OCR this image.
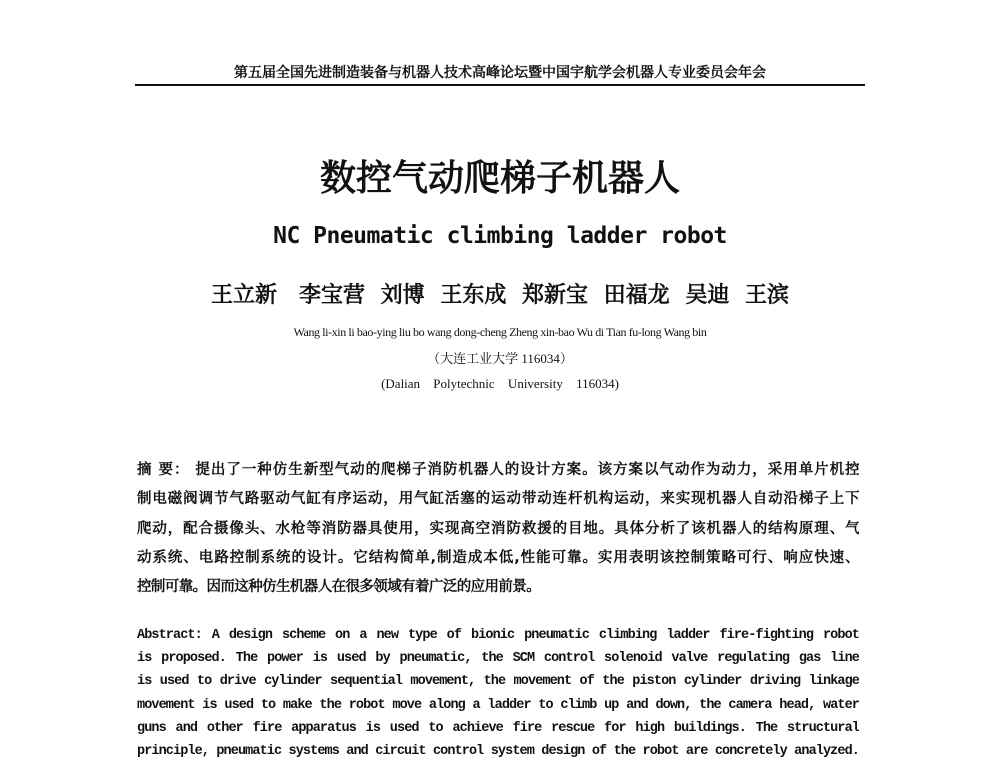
第五届全国先进制造装备与机器人技术高峰论坛暨中国宇航学会机器人专业委员会年会
数控气动爬梯子机器人
NC Pneumatic climbing ladder robot
王立新　李宝营 刘博 王东成 郑新宝 田福龙 吴迪 王滨
Wang li-xin li bao-ying liu bo wang dong-cheng Zheng xin-bao Wu di Tian fu-long Wang bin
（大连工业大学 116034）
(Dalian Polytechnic University 116034)
摘 要： 提出了一种仿生新型气动的爬梯子消防机器人的设计方案。该方案以气动作为动力，采用单片机控
制电磁阀调节气路驱动气缸有序运动，用气缸活塞的运动带动连杆机构运动，来实现机器人自动沿梯子上下
爬动，配合摄像头、水枪等消防器具使用，实现高空消防救援的目地。具体分析了该机器人的结构原理、气
动系统、电路控制系统的设计。它结构简单,制造成本低,性能可靠。实用表明该控制策略可行、响应快速、
控制可靠。因而这种仿生机器人在很多领域有着广泛的应用前景。
Abstract: A design scheme on a new type of bionic pneumatic climbing ladder fire-fighting robot
is proposed. The power is used by pneumatic, the SCM control solenoid valve regulating gas line
is used to drive cylinder sequential movement, the movement of the piston cylinder driving linkage
movement is used to make the robot move along a ladder to climb up and down, the camera head, water
guns and other fire apparatus is used to achieve fire rescue for high buildings. The structural
principle, pneumatic systems and circuit control system design of the robot are concretely analyzed.
